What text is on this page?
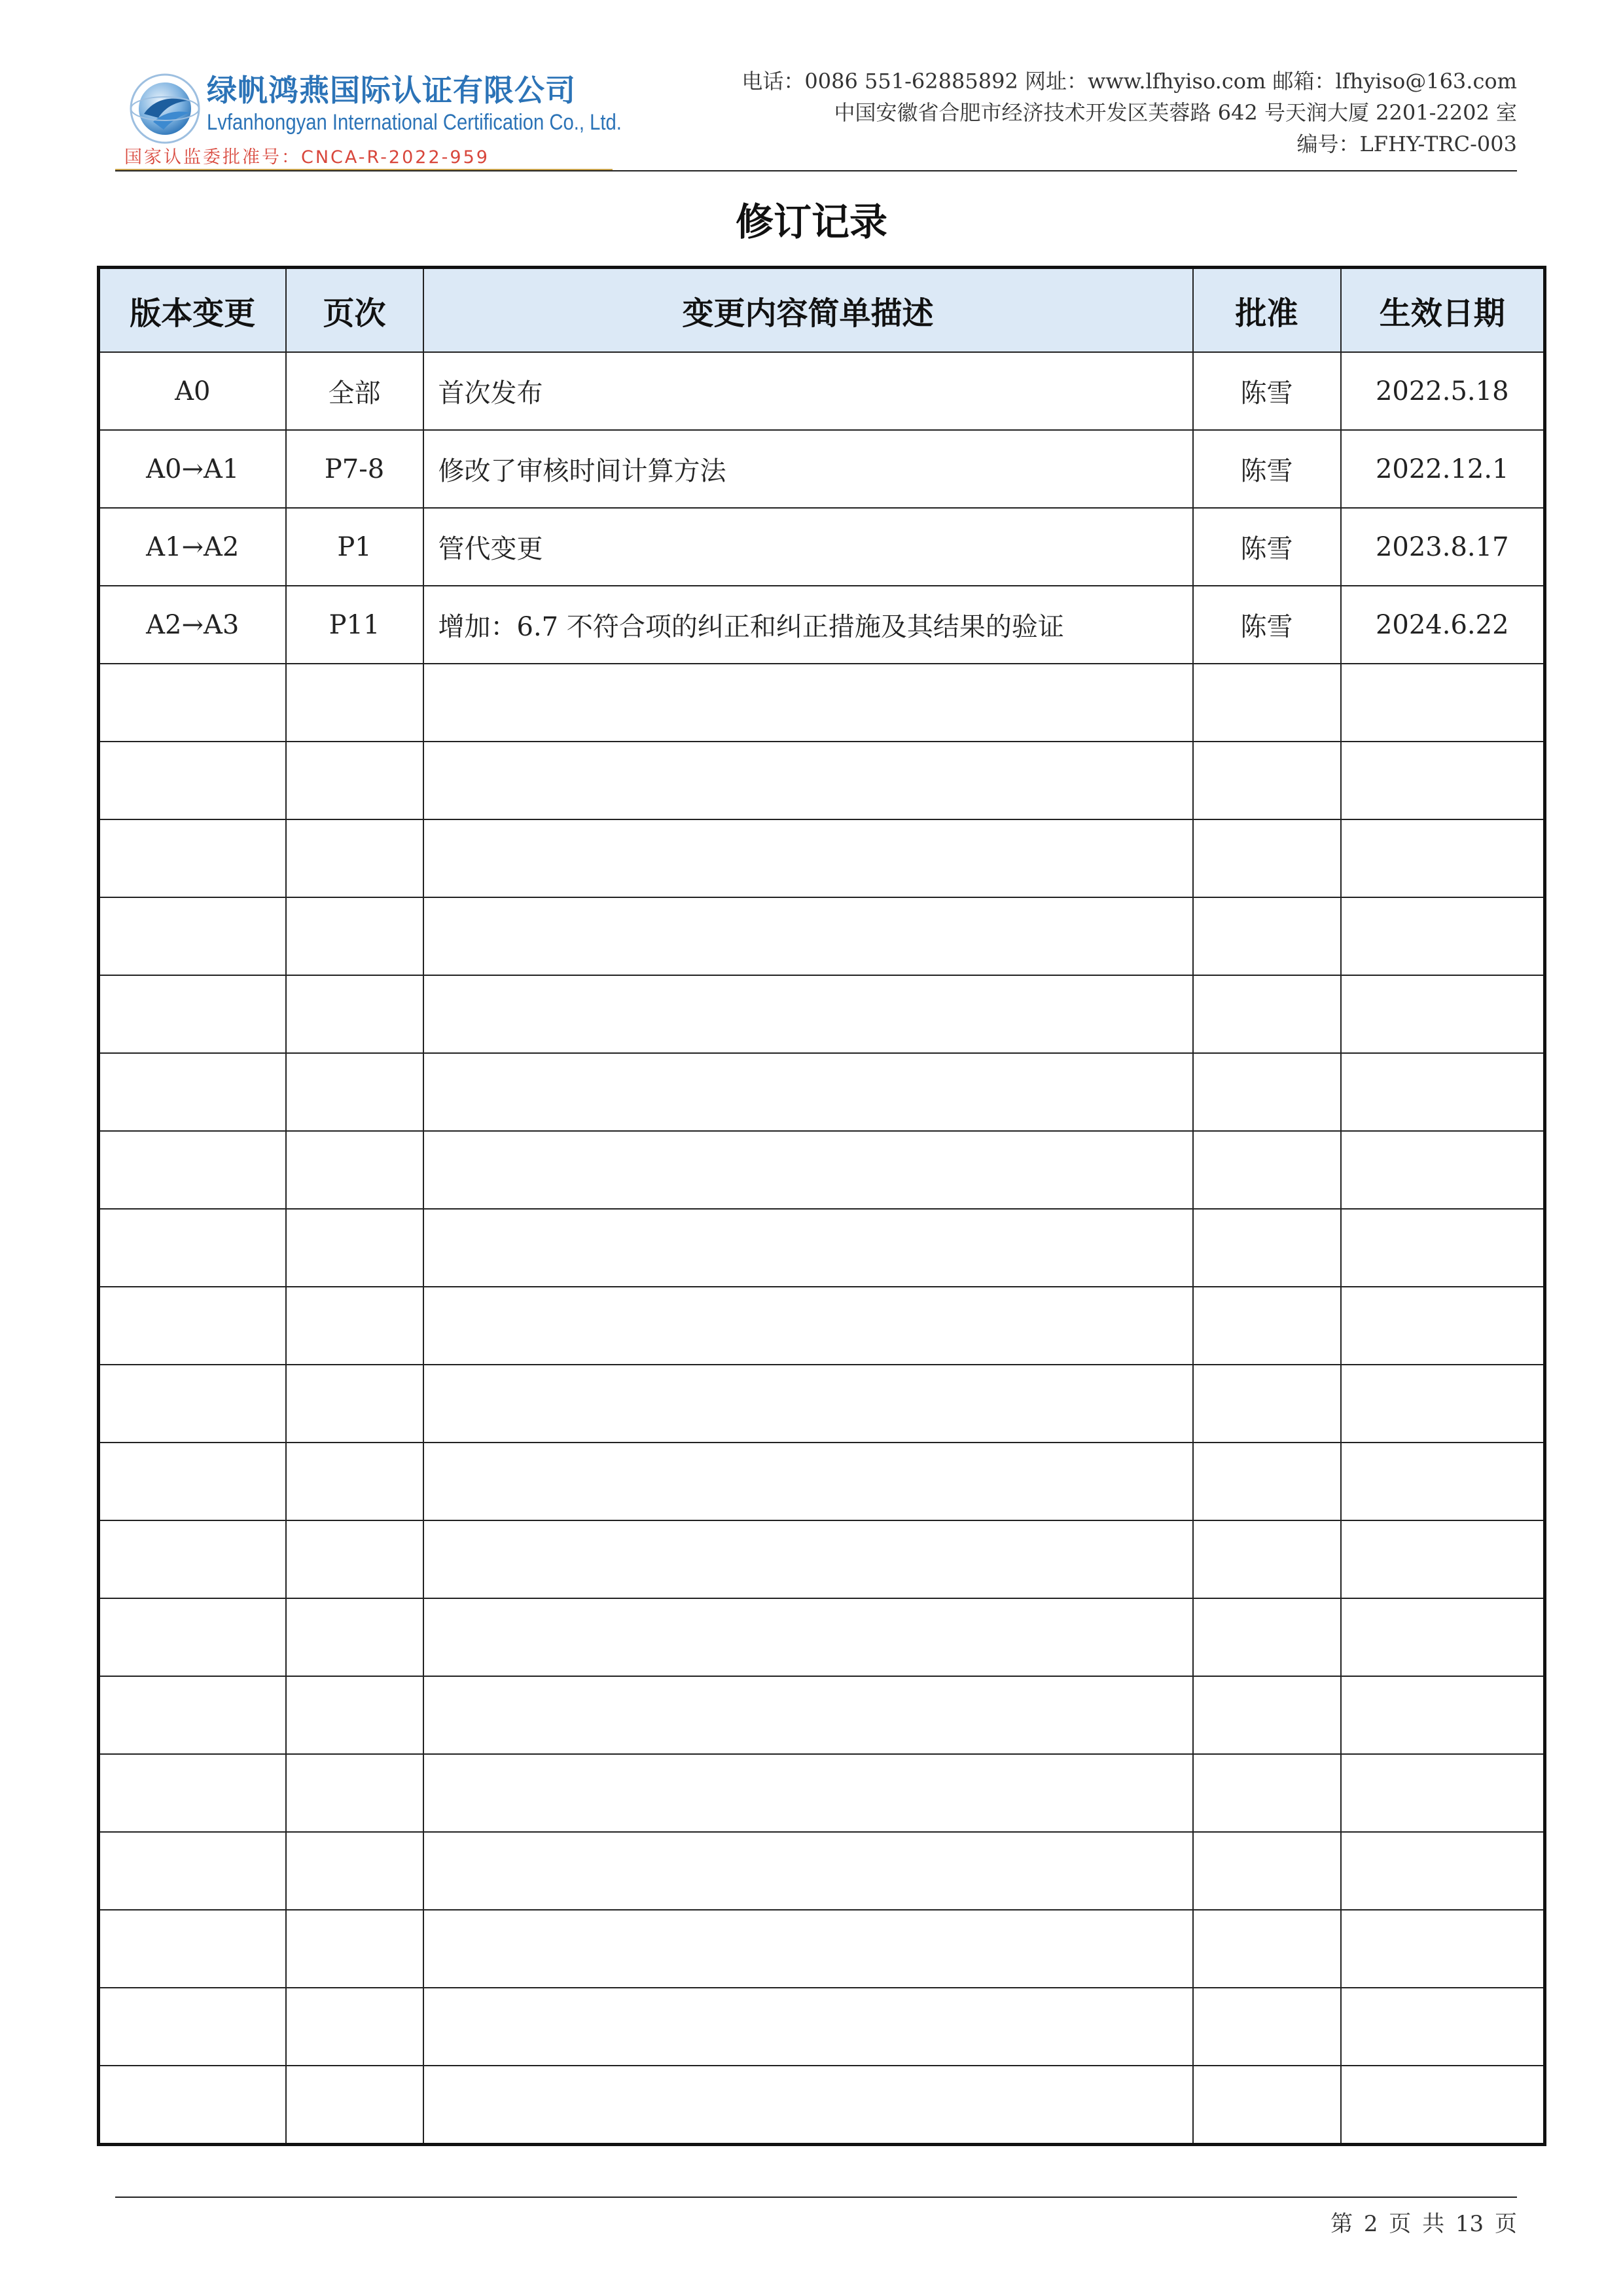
绿帆鸿燕国际认证有限公司
Lvfanhongyan International Certification Co., Ltd.
国家认监委批准号：CNCA-R-2022-959
电话：0086 551-62885892 网址：www.lfhyiso.com 邮箱：lfhyiso@163.com
中国安徽省合肥市经济技术开发区芙蓉路 642 号天润大厦 2201-2202 室
编号：LFHY-TRC-003
修订记录
版本变更	页次	变更内容简单描述	批准	生效日期
A0	全部	首次发布	陈雪	2022.5.18
A0→A1	P7-8	修改了审核时间计算方法	陈雪	2022.12.1
A1→A2	P1	管代变更	陈雪	2023.8.17
A2→A3	P11	增加：6.7 不符合项的纠正和纠正措施及其结果的验证	陈雪	2024.6.22

第 2 页 共 13 页
